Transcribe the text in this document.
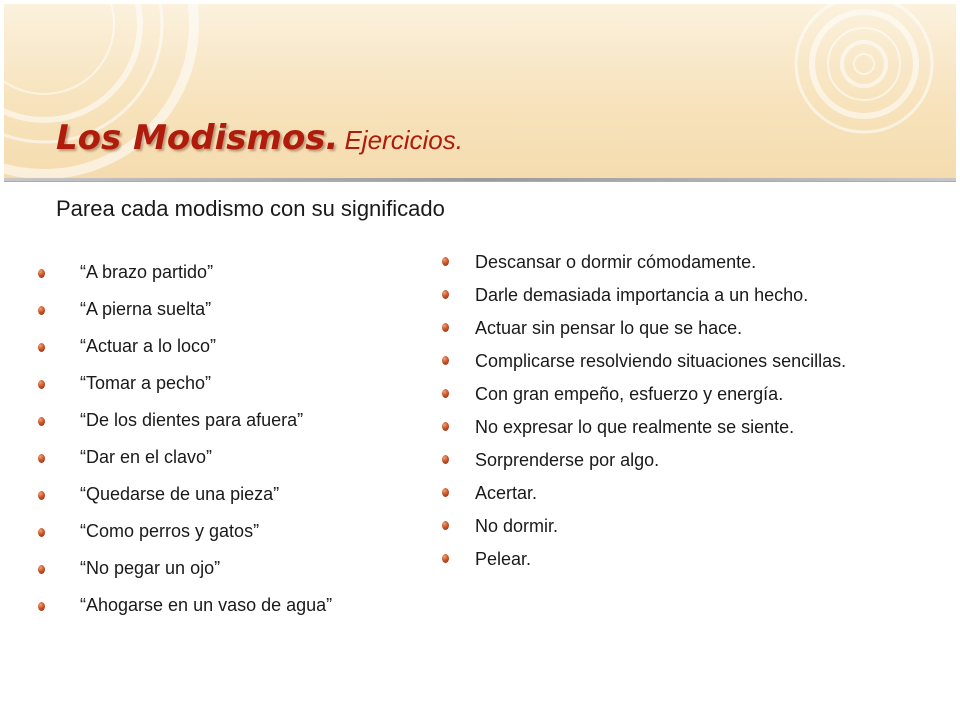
Los Modismos. Ejercicios.
Parea cada modismo con su significado
“A brazo partido”
“A pierna suelta”
“Actuar a lo loco”
“Tomar a pecho”
“De los dientes para afuera”
“Dar en el clavo”
“Quedarse de una pieza”
“Como perros y gatos”
“No pegar un ojo”
“Ahogarse en un vaso de agua”
Descansar o dormir cómodamente.
Darle demasiada importancia a un hecho.
Actuar sin pensar lo que se hace.
Complicarse resolviendo situaciones sencillas.
Con gran empeño, esfuerzo y energía.
No expresar lo que realmente se siente.
Sorprenderse por algo.
Acertar.
No dormir.
Pelear.
